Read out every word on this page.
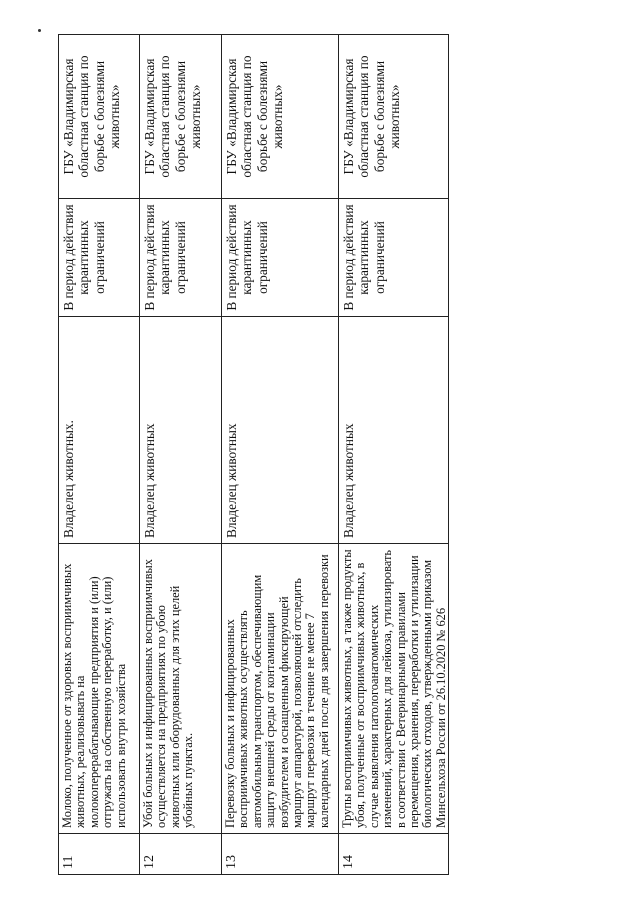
11	Молоко, полученное от здоровых восприимчивых животных, реализовывать на молокоперерабатывающие предприятия и (или) отгружать на собственную переработку, и (или) использовать внутри хозяйства	Владелец животных.	В период действия карантинных ограничений	ГБУ «Владимирская областная станция по борьбе с болезнями животных»
12	Убой больных и инфицированных восприимчивых осуществляется на предприятиях по убою животных или оборудованных для этих целей убойных пунктах.	Владелец животных	В период действия карантинных ограничений	ГБУ «Владимирская областная станция по борьбе с болезнями животных»
13	Перевозку больных и инфицированных восприимчивых животных осуществлять автомобильным транспортом, обеспечивающим защиту внешней среды от контаминации возбудителем и оснащенным фиксирующей маршрут аппаратурой, позволяющей отследить маршрут перевозки в течение не менее 7 календарных дней после дня завершения перевозки	Владелец животных	В период действия карантинных ограничений	ГБУ «Владимирская областная станция по борьбе с болезнями животных»
14	Трупы восприимчивых животных, а также продукты убоя, полученные от восприимчивых животных, в случае выявления патологоанатомических изменений, характерных для лейкоза, утилизировать в соответствии с Ветеринарными правилами перемещения, хранения, переработки и утилизации биологических отходов, утвержденными приказом Минсельхоза России от 26.10.2020 № 626	Владелец животных	В период действия карантинных ограничений	ГБУ «Владимирская областная станция по борьбе с болезнями животных»
